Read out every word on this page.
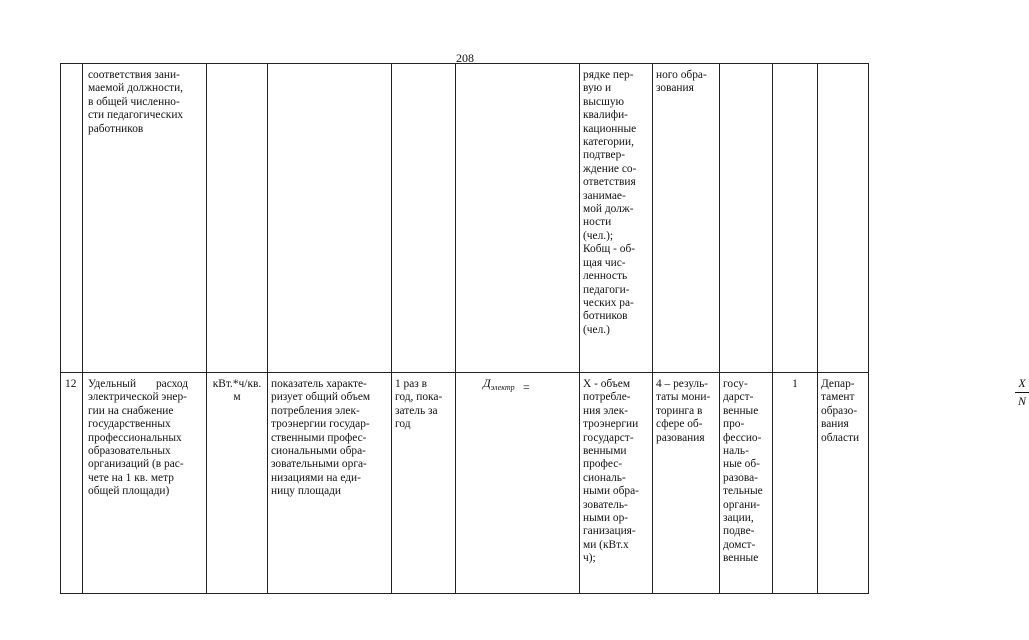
208
соответствия зани-
маемой должности,
в общей численно-
сти педагогических
работников
рядке пер-
вую и
высшую
квалифи-
кационные
категории,
подтвер-
ждение со-
ответствия
занимае-
мой долж-
ности
(чел.);
Кобщ - об-
щая чис-
ленность
педагоги-
ческих ра-
ботников
(чел.)
ного обра-
зования
12 Удельный       расход
электрической энер-
гии на снабжение
государственных
профессиональных
образовательных
организаций (в рас-
чете на 1 кв. метр
общей площади)
кВт.*ч/кв.
м
показатель характе-
ризует общий объем
потребления элек-
троэнергии государ-
ственными профес-
сиональными обра-
зовательными орга-
низациями на еди-
ницу площади
1 раз в
год, пока-
затель за
год
$Д_{электр}$ =	X
N
X - объем
потребле-
ния элек-
троэнергии
государст-
венными
профес-
сиональ-
ными обра-
зователь-
ными ор-
ганизация-
ми (кВт.х
ч);
4 – резуль-
таты мони-
торинга в
сфере об-
разования
госу-
дарст-
венные
про-
фессио-
наль-
ные об-
разова-
тельные
органи-
зации,
подве-
домст-
венные
1	Депар-
тамент
образо-
вания
области
